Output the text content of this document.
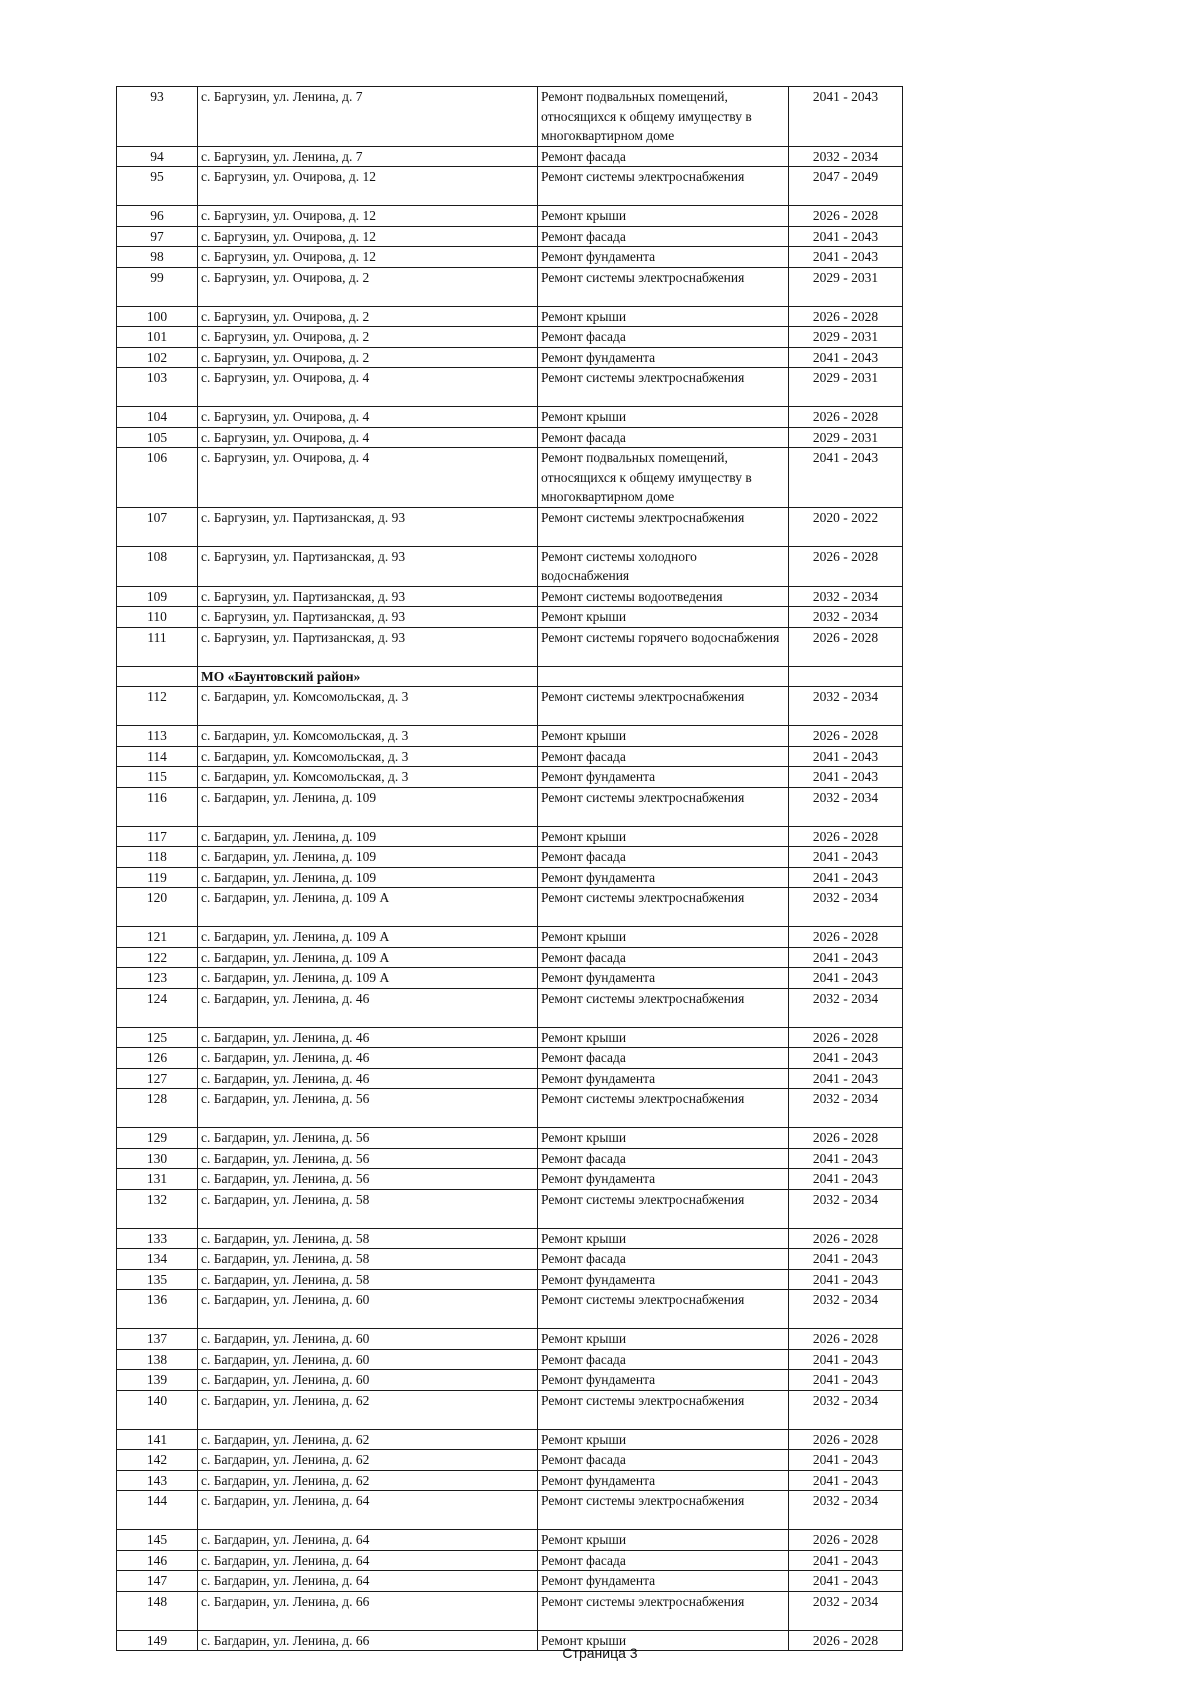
93	с. Баргузин, ул. Ленина, д. 7	Ремонт подвальных помещений, относящихся к общему имуществу в многоквартирном доме	2041 - 2043
94	с. Баргузин, ул. Ленина, д. 7	Ремонт фасада	2032 - 2034
95	с. Баргузин, ул. Очирова, д. 12	Ремонт системы электроснабжения	2047 - 2049
96	с. Баргузин, ул. Очирова, д. 12	Ремонт крыши	2026 - 2028
97	с. Баргузин, ул. Очирова, д. 12	Ремонт фасада	2041 - 2043
98	с. Баргузин, ул. Очирова, д. 12	Ремонт фундамента	2041 - 2043
99	с. Баргузин, ул. Очирова, д. 2	Ремонт системы электроснабжения	2029 - 2031
100	с. Баргузин, ул. Очирова, д. 2	Ремонт крыши	2026 - 2028
101	с. Баргузин, ул. Очирова, д. 2	Ремонт фасада	2029 - 2031
102	с. Баргузин, ул. Очирова, д. 2	Ремонт фундамента	2041 - 2043
103	с. Баргузин, ул. Очирова, д. 4	Ремонт системы электроснабжения	2029 - 2031
104	с. Баргузин, ул. Очирова, д. 4	Ремонт крыши	2026 - 2028
105	с. Баргузин, ул. Очирова, д. 4	Ремонт фасада	2029 - 2031
106	с. Баргузин, ул. Очирова, д. 4	Ремонт подвальных помещений, относящихся к общему имуществу в многоквартирном доме	2041 - 2043
107	с. Баргузин, ул. Партизанская, д. 93	Ремонт системы электроснабжения	2020 - 2022
108	с. Баргузин, ул. Партизанская, д. 93	Ремонт системы холодного водоснабжения	2026 - 2028
109	с. Баргузин, ул. Партизанская, д. 93	Ремонт системы водоотведения	2032 - 2034
110	с. Баргузин, ул. Партизанская, д. 93	Ремонт крыши	2032 - 2034
111	с. Баргузин, ул. Партизанская, д. 93	Ремонт системы горячего водоснабжения	2026 - 2028
	МО «Баунтовский район»		
112	с. Багдарин, ул. Комсомольская, д. 3	Ремонт системы электроснабжения	2032 - 2034
113	с. Багдарин, ул. Комсомольская, д. 3	Ремонт крыши	2026 - 2028
114	с. Багдарин, ул. Комсомольская, д. 3	Ремонт фасада	2041 - 2043
115	с. Багдарин, ул. Комсомольская, д. 3	Ремонт фундамента	2041 - 2043
116	с. Багдарин, ул. Ленина, д. 109	Ремонт системы электроснабжения	2032 - 2034
117	с. Багдарин, ул. Ленина, д. 109	Ремонт крыши	2026 - 2028
118	с. Багдарин, ул. Ленина, д. 109	Ремонт фасада	2041 - 2043
119	с. Багдарин, ул. Ленина, д. 109	Ремонт фундамента	2041 - 2043
120	с. Багдарин, ул. Ленина, д. 109 А	Ремонт системы электроснабжения	2032 - 2034
121	с. Багдарин, ул. Ленина, д. 109 А	Ремонт крыши	2026 - 2028
122	с. Багдарин, ул. Ленина, д. 109 А	Ремонт фасада	2041 - 2043
123	с. Багдарин, ул. Ленина, д. 109 А	Ремонт фундамента	2041 - 2043
124	с. Багдарин, ул. Ленина, д. 46	Ремонт системы электроснабжения	2032 - 2034
125	с. Багдарин, ул. Ленина, д. 46	Ремонт крыши	2026 - 2028
126	с. Багдарин, ул. Ленина, д. 46	Ремонт фасада	2041 - 2043
127	с. Багдарин, ул. Ленина, д. 46	Ремонт фундамента	2041 - 2043
128	с. Багдарин, ул. Ленина, д. 56	Ремонт системы электроснабжения	2032 - 2034
129	с. Багдарин, ул. Ленина, д. 56	Ремонт крыши	2026 - 2028
130	с. Багдарин, ул. Ленина, д. 56	Ремонт фасада	2041 - 2043
131	с. Багдарин, ул. Ленина, д. 56	Ремонт фундамента	2041 - 2043
132	с. Багдарин, ул. Ленина, д. 58	Ремонт системы электроснабжения	2032 - 2034
133	с. Багдарин, ул. Ленина, д. 58	Ремонт крыши	2026 - 2028
134	с. Багдарин, ул. Ленина, д. 58	Ремонт фасада	2041 - 2043
135	с. Багдарин, ул. Ленина, д. 58	Ремонт фундамента	2041 - 2043
136	с. Багдарин, ул. Ленина, д. 60	Ремонт системы электроснабжения	2032 - 2034
137	с. Багдарин, ул. Ленина, д. 60	Ремонт крыши	2026 - 2028
138	с. Багдарин, ул. Ленина, д. 60	Ремонт фасада	2041 - 2043
139	с. Багдарин, ул. Ленина, д. 60	Ремонт фундамента	2041 - 2043
140	с. Багдарин, ул. Ленина, д. 62	Ремонт системы электроснабжения	2032 - 2034
141	с. Багдарин, ул. Ленина, д. 62	Ремонт крыши	2026 - 2028
142	с. Багдарин, ул. Ленина, д. 62	Ремонт фасада	2041 - 2043
143	с. Багдарин, ул. Ленина, д. 62	Ремонт фундамента	2041 - 2043
144	с. Багдарин, ул. Ленина, д. 64	Ремонт системы электроснабжения	2032 - 2034
145	с. Багдарин, ул. Ленина, д. 64	Ремонт крыши	2026 - 2028
146	с. Багдарин, ул. Ленина, д. 64	Ремонт фасада	2041 - 2043
147	с. Багдарин, ул. Ленина, д. 64	Ремонт фундамента	2041 - 2043
148	с. Багдарин, ул. Ленина, д. 66	Ремонт системы электроснабжения	2032 - 2034
149	с. Багдарин, ул. Ленина, д. 66	Ремонт крыши	2026 - 2028
Страница 3
